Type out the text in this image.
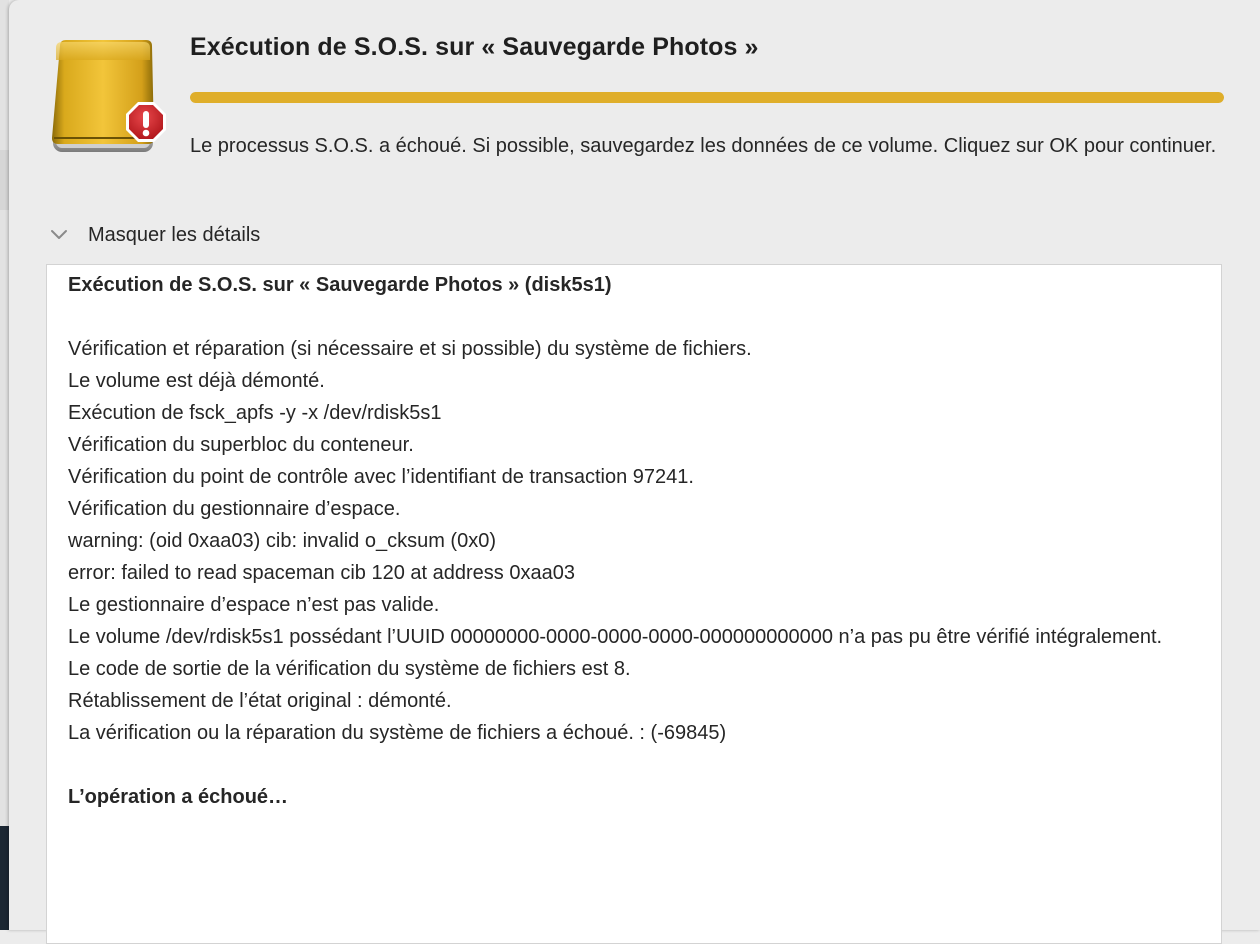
Exécution de S.O.S. sur « Sauvegarde Photos »
Le processus S.O.S. a échoué. Si possible, sauvegardez les données de ce volume. Cliquez sur OK pour continuer.
Masquer les détails
Exécution de S.O.S. sur « Sauvegarde Photos » (disk5s1)
Vérification et réparation (si nécessaire et si possible) du système de fichiers.
Le volume est déjà démonté.
Exécution de fsck_apfs -y -x /dev/rdisk5s1
Vérification du superbloc du conteneur.
Vérification du point de contrôle avec l’identifiant de transaction 97241.
Vérification du gestionnaire d’espace.
warning: (oid 0xaa03) cib: invalid o_cksum (0x0)
error: failed to read spaceman cib 120 at address 0xaa03
Le gestionnaire d’espace n’est pas valide.
Le volume /dev/rdisk5s1 possédant l’UUID 00000000-0000-0000-0000-000000000000 n’a pas pu être vérifié intégralement.
Le code de sortie de la vérification du système de fichiers est 8.
Rétablissement de l’état original : démonté.
La vérification ou la réparation du système de fichiers a échoué. : (-69845)
L’opération a échoué…
